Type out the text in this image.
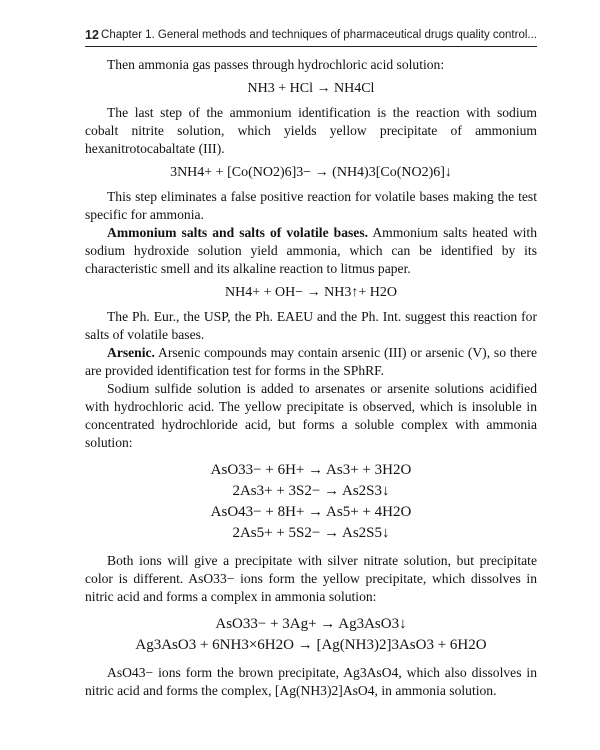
12 Chapter 1. General methods and techniques of pharmaceutical drugs quality control...

Then ammonia gas passes through hydrochloric acid solution:

NH3 + HCl → NH4Cl

The last step of the ammonium identification is the reaction with sodium cobalt nitrite solution, which yields yellow precipitate of ammonium hexanitrotocabaltate (III).

3NH4+ + [Co(NO2)6]3− → (NH4)3[Co(NO2)6]↓

This step eliminates a false positive reaction for volatile bases making the test specific for ammonia.

Ammonium salts and salts of volatile bases. Ammonium salts heated with sodium hydroxide solution yield ammonia, which can be identified by its characteristic smell and its alkaline reaction to litmus paper.

NH4+ + OH− → NH3↑+ H2O

The Ph. Eur., the USP, the Ph. EAEU and the Ph. Int. suggest this reaction for salts of volatile bases.

Arsenic. Arsenic compounds may contain arsenic (III) or arsenic (V), so there are provided identification test for forms in the SPhRF.

Sodium sulfide solution is added to arsenates or arsenite solutions acidified with hydrochloric acid. The yellow precipitate is observed, which is insoluble in concentrated hydrochloride acid, but forms a soluble complex with ammonia solution:

AsO33− + 6H+ → As3+ + 3H2O
2As3+ + 3S2− → As2S3↓
AsO43− + 8H+ → As5+ + 4H2O
2As5+ + 5S2− → As2S5↓

Both ions will give a precipitate with silver nitrate solution, but precipitate color is different. AsO33− ions form the yellow precipitate, which dissolves in nitric acid and forms a complex in ammonia solution:

AsO33− + 3Ag+ → Ag3AsO3↓
Ag3AsO3 + 6NH3×6H2O → [Ag(NH3)2]3AsO3 + 6H2O

AsO43− ions form the brown precipitate, Ag3AsO4, which also dissolves in nitric acid and forms the complex, [Ag(NH3)2]AsO4, in ammonia solution.
